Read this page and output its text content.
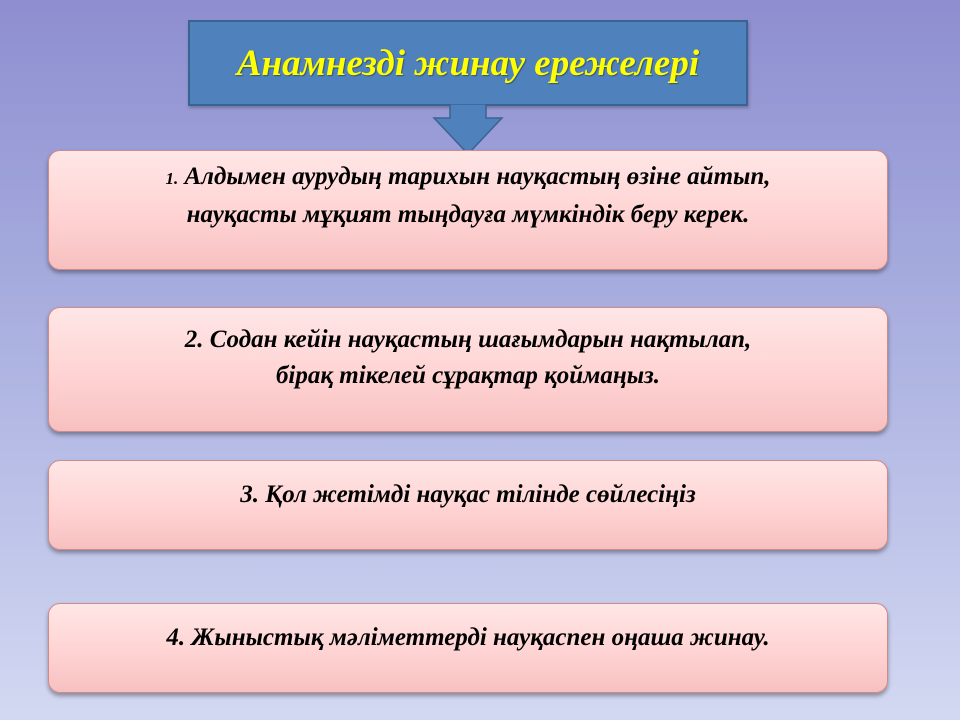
Анамнезді жинау ережелері
1. Алдымен аурудың тарихын науқастың өзіне айтып,
науқасты мұқият тыңдауға мүмкіндік беру керек.
2. Содан кейін науқастың шағымдарын нақтылап,
бірақ тікелей сұрақтар қоймаңыз.
3. Қол жетімді науқас тілінде сөйлесіңіз
4. Жыныстық мәліметтерді науқаспен оңаша жинау.
